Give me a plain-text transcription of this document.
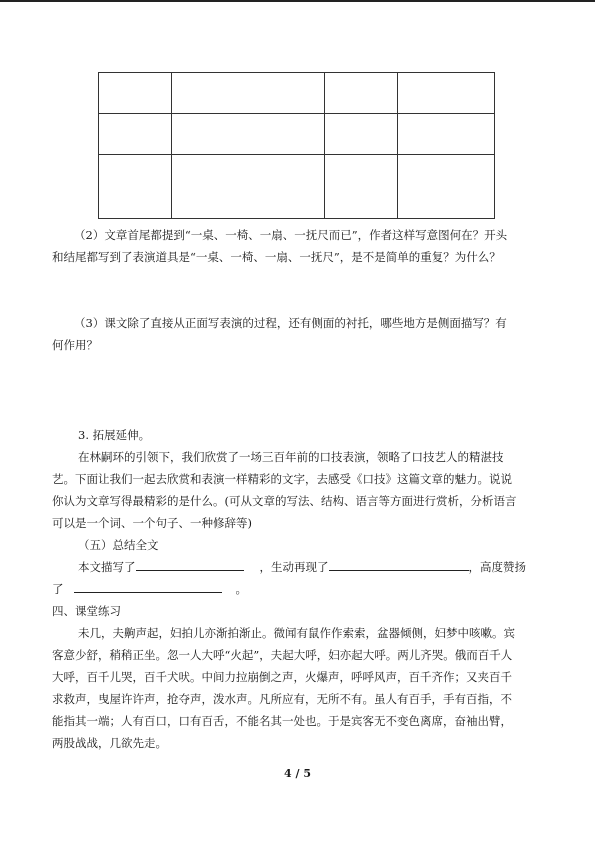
（2）文章首尾都提到“一桌、一椅、一扇、一抚尺而已”，作者这样写意图何在？开头
和结尾都写到了表演道具是“一桌、一椅、一扇、一抚尺”，是不是简单的重复？为什么？
（3）课文除了直接从正面写表演的过程，还有侧面的衬托，哪些地方是侧面描写？有
何作用？
3. 拓展延伸。
在林嗣环的引领下，我们欣赏了一场三百年前的口技表演，领略了口技艺人的精湛技
艺。下面让我们一起去欣赏和表演一样精彩的文字，去感受《口技》这篇文章的魅力。说说
你认为文章写得最精彩的是什么。(可从文章的写法、结构、语言等方面进行赏析，分析语言
可以是一个词、一个句子、一种修辞等)
（五）总结全文
本文描写了	，生动再现了	，高度赞扬
了	。
四、课堂练习
未几，夫齁声起，妇拍儿亦渐拍渐止。微闻有鼠作作索索，盆器倾侧，妇梦中咳嗽。宾
客意少舒，稍稍正坐。忽一人大呼“火起”，夫起大呼，妇亦起大呼。两儿齐哭。俄而百千人
大呼，百千儿哭，百千犬吠。中间力拉崩倒之声，火爆声，呼呼风声，百千齐作；又夹百千
求救声，曳屋许许声，抢夺声，泼水声。凡所应有，无所不有。虽人有百手，手有百指，不
能指其一端；人有百口，口有百舌，不能名其一处也。于是宾客无不变色离席，奋袖出臂，
两股战战，几欲先走。
4 / 5
